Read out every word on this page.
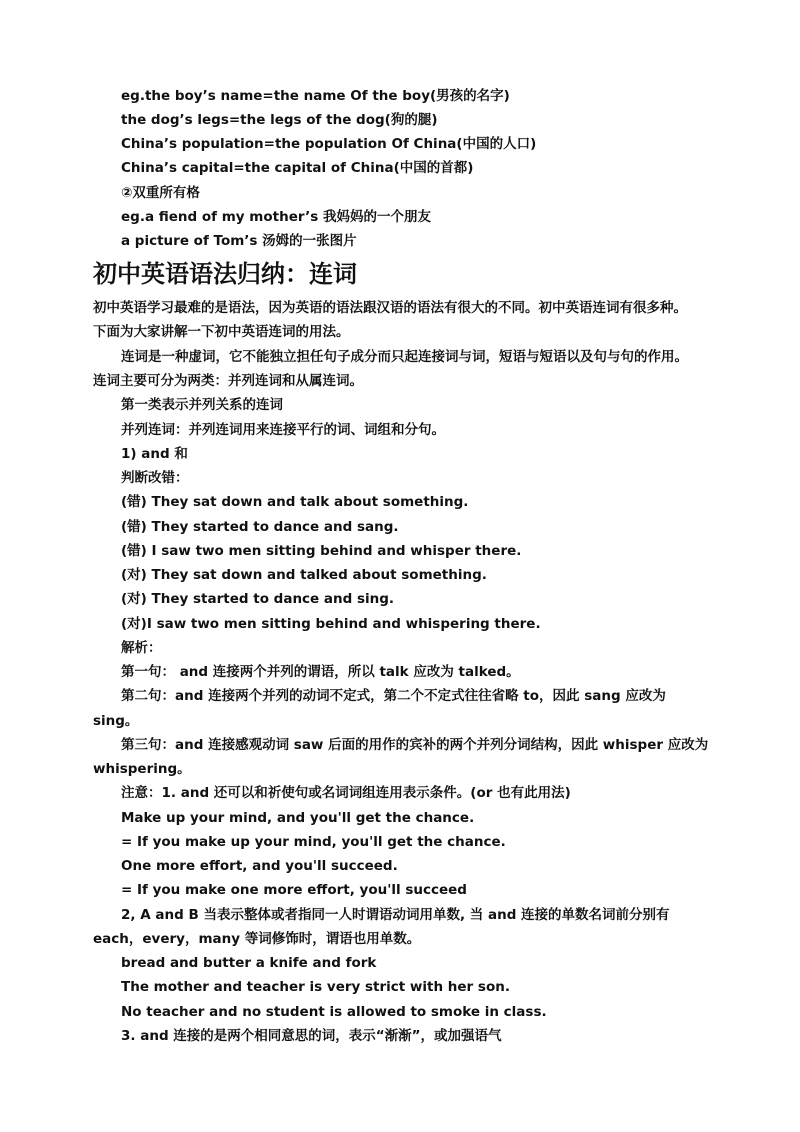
eg.the boy’s name=the name Of the boy(男孩的名字)
the dog’s legs=the legs of the dog(狗的腿)
China’s population=the population Of China(中国的人口)
China’s capital=the capital of China(中国的首都)
②双重所有格
eg.a fiend of my mother’s 我妈妈的一个朋友
a picture of Tom’s 汤姆的一张图片
初中英语语法归纳：连词
初中英语学习最难的是语法，因为英语的语法跟汉语的语法有很大的不同。初中英语连词有很多种。
下面为大家讲解一下初中英语连词的用法。
连词是一种虚词，它不能独立担任句子成分而只起连接词与词，短语与短语以及句与句的作用。
连词主要可分为两类：并列连词和从属连词。
第一类表示并列关系的连词
并列连词：并列连词用来连接平行的词、词组和分句。
1) and 和
判断改错：
(错) They sat down and talk about something.
(错) They started to dance and sang.
(错) I saw two men sitting behind and whisper there.
(对) They sat down and talked about something.
(对) They started to dance and sing.
(对)I saw two men sitting behind and whispering there.
解析：
第一句： and 连接两个并列的谓语，所以 talk 应改为 talked。
第二句：and 连接两个并列的动词不定式，第二个不定式往往省略 to，因此 sang 应改为
sing。
第三句：and 连接感观动词 saw 后面的用作的宾补的两个并列分词结构，因此 whisper 应改为
whispering。
注意：1. and 还可以和祈使句或名词词组连用表示条件。(or 也有此用法)
Make up your mind, and you'll get the chance.
= If you make up your mind, you'll get the chance.
One more effort, and you'll succeed.
= If you make one more effort, you'll succeed
2, A and B 当表示整体或者指同一人时谓语动词用单数, 当 and 连接的单数名词前分别有
each，every，many 等词修饰时，谓语也用单数。
bread and butter a knife and fork
The mother and teacher is very strict with her son.
No teacher and no student is allowed to smoke in class.
3. and 连接的是两个相同意思的词，表示“渐渐”，或加强语气
